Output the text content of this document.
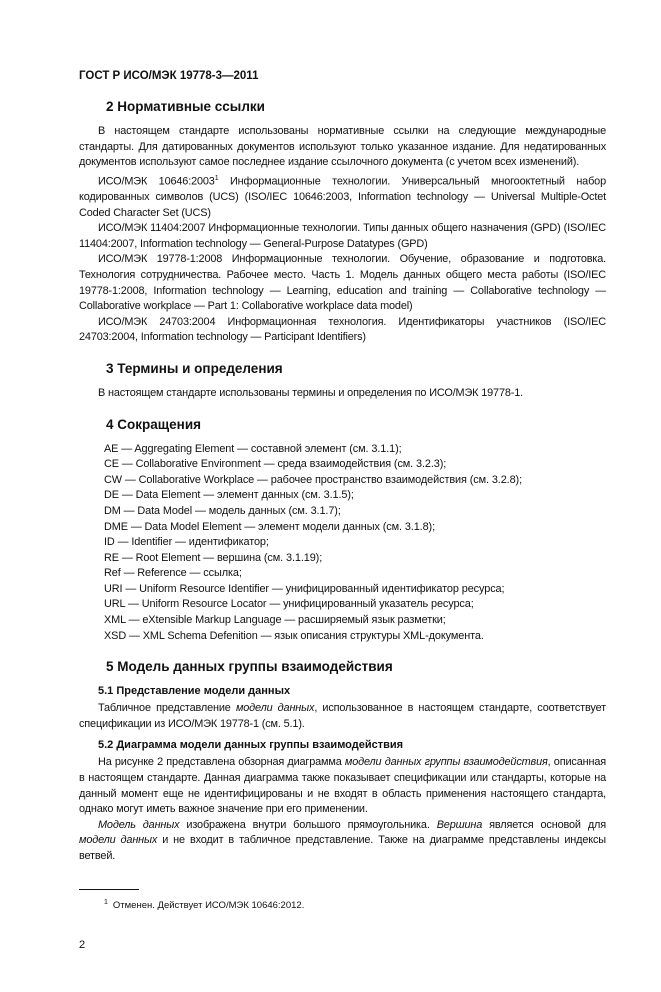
ГОСТ Р ИСО/МЭК 19778-3—2011
2 Нормативные ссылки

В настоящем стандарте использованы нормативные ссылки на следующие международные стандарты. Для датированных документов используют только указанное издание. Для недатированных документов используют самое последнее издание ссылочного документа (с учетом всех изменений).

ИСО/МЭК 10646:2003$^1$ Информационные технологии. Универсальный многооктетный набор кодированных символов (UCS) (ISO/IEC 10646:2003, Information technology — Universal Multiple-Octet Coded Character Set (UCS)

ИСО/МЭК 11404:2007 Информационные технологии. Типы данных общего назначения (GPD) (ISO/IEC 11404:2007, Information technology — General-Purpose Datatypes (GPD)

ИСО/МЭК 19778-1:2008 Информационные технологии. Обучение, образование и подготовка. Технология сотрудничества. Рабочее место. Часть 1. Модель данных общего места работы (ISO/IEC 19778-1:2008, Information technology — Learning, education and training — Collaborative technology — Collaborative workplace — Part 1: Collaborative workplace data model)

ИСО/МЭК 24703:2004 Информационная технология. Идентификаторы участников (ISO/IEC 24703:2004, Information technology — Participant Identifiers)

3 Термины и определения

В настоящем стандарте использованы термины и определения по ИСО/МЭК 19778-1.

4 Сокращения
AE — Aggregating Element — составной элемент (см. 3.1.1);
CE — Collaborative Environment — среда взаимодействия (см. 3.2.3);
CW — Collaborative Workplace — рабочее пространство взаимодействия (см. 3.2.8);
DE — Data Element — элемент данных (см. 3.1.5);
DM — Data Model — модель данных (см. 3.1.7);
DME — Data Model Element — элемент модели данных (см. 3.1.8);
ID — Identifier — идентификатор;
RE — Root Element — вершина (см. 3.1.19);
Ref — Reference — ссылка;
URI — Uniform Resource Identifier — унифицированный идентификатор ресурса;
URL — Uniform Resource Locator — унифицированный указатель ресурса;
XML — eXtensible Markup Language — расширяемый язык разметки;
XSD — XML Schema Defenition — язык описания структуры XML-документа.
5 Модель данных группы взаимодействия
5.1 Представление модели данных

Табличное представление модели данных, использованное в настоящем стандарте, соответствует спецификации из ИСО/МЭК 19778-1 (см. 5.1).

5.2 Диаграмма модели данных группы взаимодействия

На рисунке 2 представлена обзорная диаграмма модели данных группы взаимодействия, описанная в настоящем стандарте. Данная диаграмма также показывает спецификации или стандарты, которые на данный момент еще не идентифицированы и не входят в область применения настоящего стандарта, однако могут иметь важное значение при его применении.

Модель данных изображена внутри большого прямоугольника. Вершина является основой для модели данных и не входит в табличное представление. Также на диаграмме представлены индексы ветвей.

$^1$ Отменен. Действует ИСО/МЭК 10646:2012.
2
